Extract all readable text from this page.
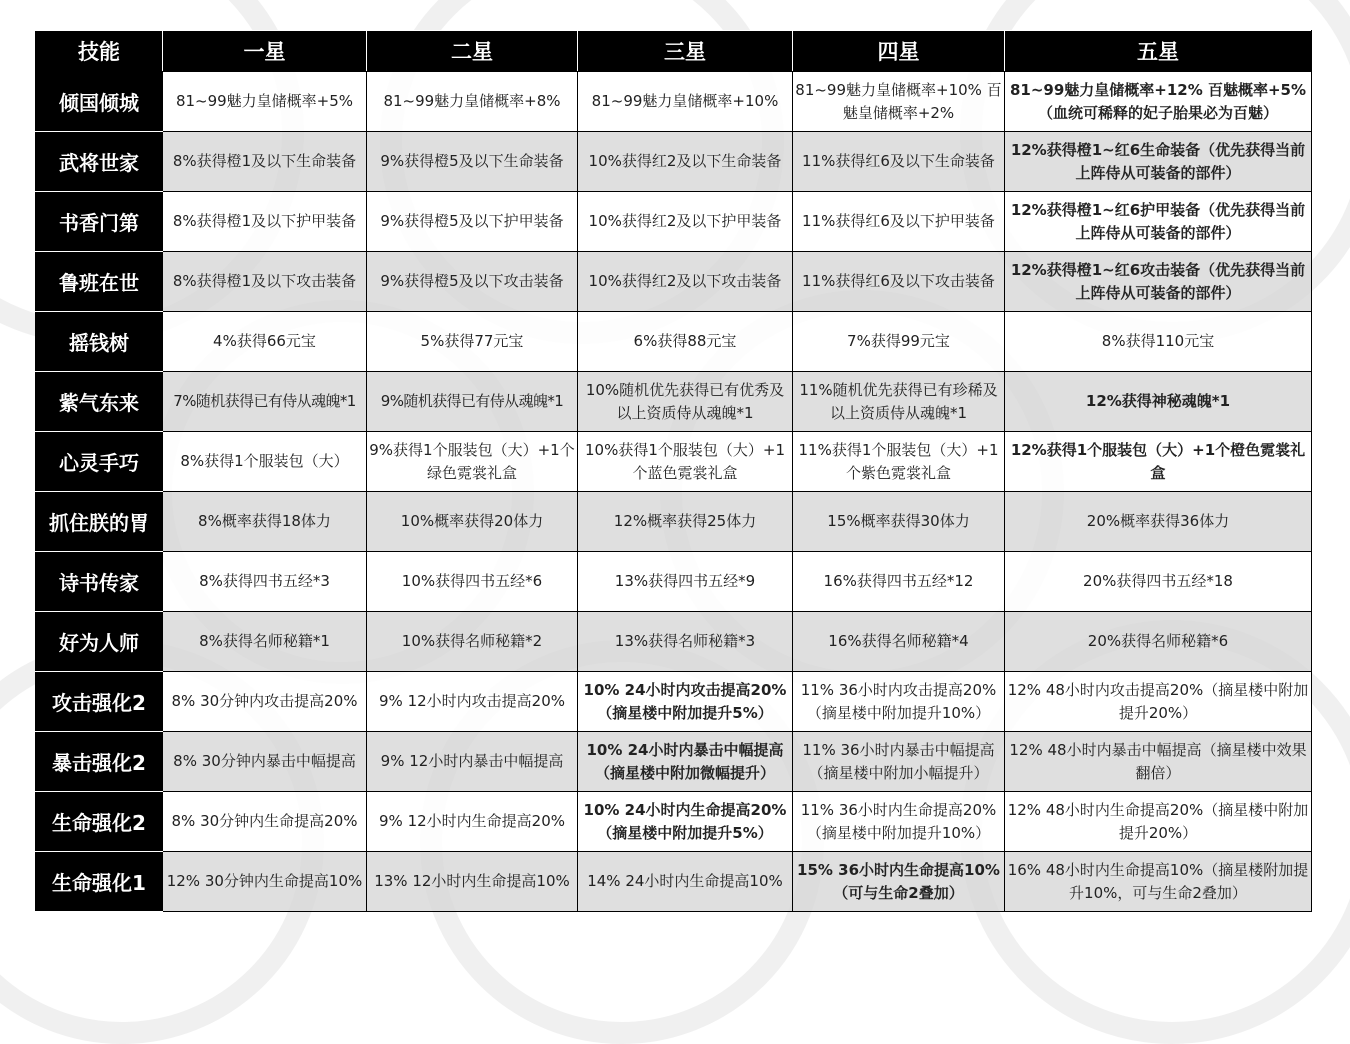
技能	一星	二星	三星	四星	五星
倾国倾城	81~99魅力皇储概率+5%	81~99魅力皇储概率+8%	81~99魅力皇储概率+10%	81~99魅力皇储概率+10% 百魅皇储概率+2%	81~99魅力皇储概率+12% 百魅概率+5%（血统可稀释的妃子胎果必为百魅）
武将世家	8%获得橙1及以下生命装备	9%获得橙5及以下生命装备	10%获得红2及以下生命装备	11%获得红6及以下生命装备	12%获得橙1~红6生命装备（优先获得当前上阵侍从可装备的部件）
书香门第	8%获得橙1及以下护甲装备	9%获得橙5及以下护甲装备	10%获得红2及以下护甲装备	11%获得红6及以下护甲装备	12%获得橙1~红6护甲装备（优先获得当前上阵侍从可装备的部件）
鲁班在世	8%获得橙1及以下攻击装备	9%获得橙5及以下攻击装备	10%获得红2及以下攻击装备	11%获得红6及以下攻击装备	12%获得橙1~红6攻击装备（优先获得当前上阵侍从可装备的部件）
摇钱树	4%获得66元宝	5%获得77元宝	6%获得88元宝	7%获得99元宝	8%获得110元宝
紫气东来	7%随机获得已有侍从魂魄*1	9%随机获得已有侍从魂魄*1	10%随机优先获得已有优秀及以上资质侍从魂魄*1	11%随机优先获得已有珍稀及以上资质侍从魂魄*1	12%获得神秘魂魄*1
心灵手巧	8%获得1个服装包（大）	9%获得1个服装包（大）+1个绿色霓裳礼盒	10%获得1个服装包（大）+1个蓝色霓裳礼盒	11%获得1个服装包（大）+1个紫色霓裳礼盒	12%获得1个服装包（大）+1个橙色霓裳礼盒
抓住朕的胃	8%概率获得18体力	10%概率获得20体力	12%概率获得25体力	15%概率获得30体力	20%概率获得36体力
诗书传家	8%获得四书五经*3	10%获得四书五经*6	13%获得四书五经*9	16%获得四书五经*12	20%获得四书五经*18
好为人师	8%获得名师秘籍*1	10%获得名师秘籍*2	13%获得名师秘籍*3	16%获得名师秘籍*4	20%获得名师秘籍*6
攻击强化2	8% 30分钟内攻击提高20%	9% 12小时内攻击提高20%	10% 24小时内攻击提高20%（摘星楼中附加提升5%）	11% 36小时内攻击提高20%（摘星楼中附加提升10%）	12% 48小时内攻击提高20%（摘星楼中附加提升20%）
暴击强化2	8% 30分钟内暴击中幅提高	9% 12小时内暴击中幅提高	10% 24小时内暴击中幅提高（摘星楼中附加微幅提升）	11% 36小时内暴击中幅提高（摘星楼中附加小幅提升）	12% 48小时内暴击中幅提高（摘星楼中效果翻倍）
生命强化2	8% 30分钟内生命提高20%	9% 12小时内生命提高20%	10% 24小时内生命提高20%（摘星楼中附加提升5%）	11% 36小时内生命提高20%（摘星楼中附加提升10%）	12% 48小时内生命提高20%（摘星楼中附加提升20%）
生命强化1	12% 30分钟内生命提高10%	13% 12小时内生命提高10%	14% 24小时内生命提高10%	15% 36小时内生命提高10%（可与生命2叠加）	16% 48小时内生命提高10%（摘星楼附加提升10%，可与生命2叠加）
